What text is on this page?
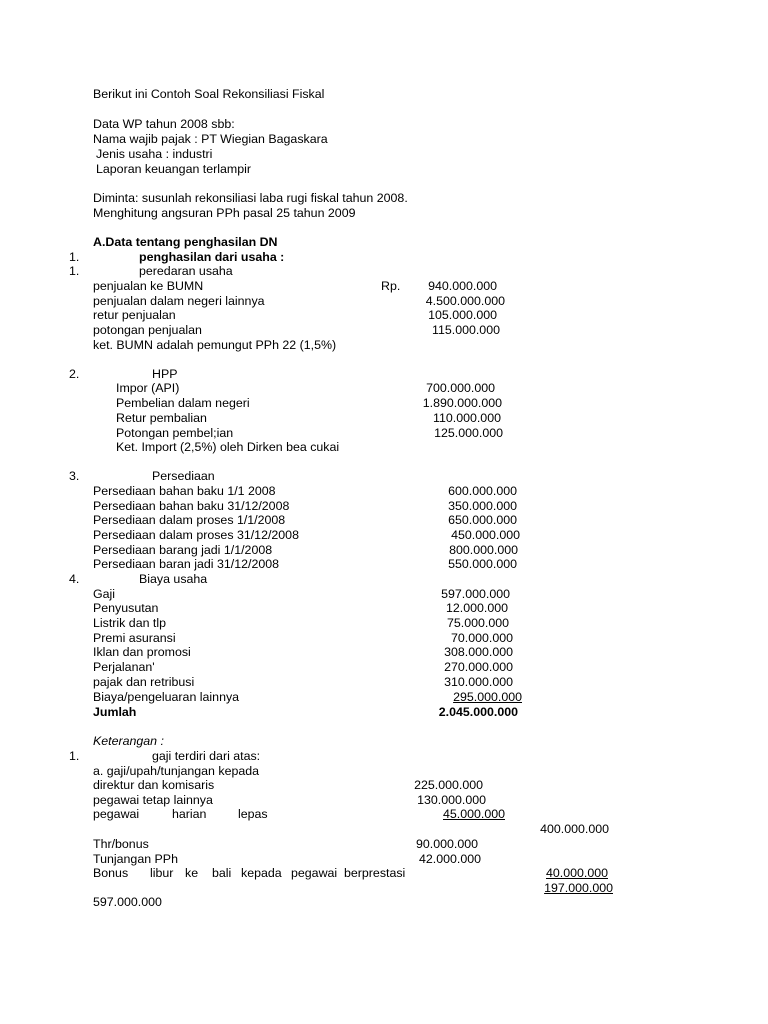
Berikut ini Contoh Soal Rekonsiliasi Fiskal
Data WP tahun 2008 sbb:
Nama wajib pajak : PT Wiegian Bagaskara
Jenis usaha : industri
Laporan keuangan terlampir
Diminta: susunlah rekonsiliasi laba rugi fiskal tahun 2008.
Menghitung angsuran PPh pasal 25 tahun 2009
A.Data tentang penghasilan DN
1.	penghasilan dari usaha :
1.	peredaran usaha
penjualan ke BUMN	Rp.	940.000.000
penjualan dalam negeri lainnya	4.500.000.000
retur penjualan	105.000.000
potongan penjualan	115.000.000
ket. BUMN adalah pemungut PPh 22 (1,5%)
2.	HPP
Impor (API)	700.000.000
Pembelian dalam negeri	1.890.000.000
Retur pembalian	110.000.000
Potongan pembel;ian	125.000.000
Ket. Import (2,5%) oleh Dirken bea cukai
3.	Persediaan
Persediaan bahan baku 1/1 2008	600.000.000
Persediaan bahan baku 31/12/2008	350.000.000
Persediaan dalam proses 1/1/2008	650.000.000
Persediaan dalam proses 31/12/2008	450.000.000
Persediaan barang jadi 1/1/2008	800.000.000
Persediaan baran jadi 31/12/2008	550.000.000
4.	Biaya usaha
Gaji	597.000.000
Penyusutan	12.000.000
Listrik dan tlp	75.000.000
Premi asuransi	70.000.000
Iklan dan promosi	308.000.000
Perjalanan'	270.000.000
pajak dan retribusi	310.000.000
Biaya/pengeluaran lainnya	295.000.000
Jumlah	2.045.000.000
Keterangan :
1.	gaji terdiri dari atas:
a. gaji/upah/tunjangan kepada
direktur dan komisaris	225.000.000
pegawai tetap lainnya	130.000.000
pegawai	harian	lepas	45.000.000
400.000.000
Thr/bonus	90.000.000
Tunjangan PPh	42.000.000
Bonus libur ke bali kepada pegawai berprestasi	40.000.000
197.000.000
597.000.000
